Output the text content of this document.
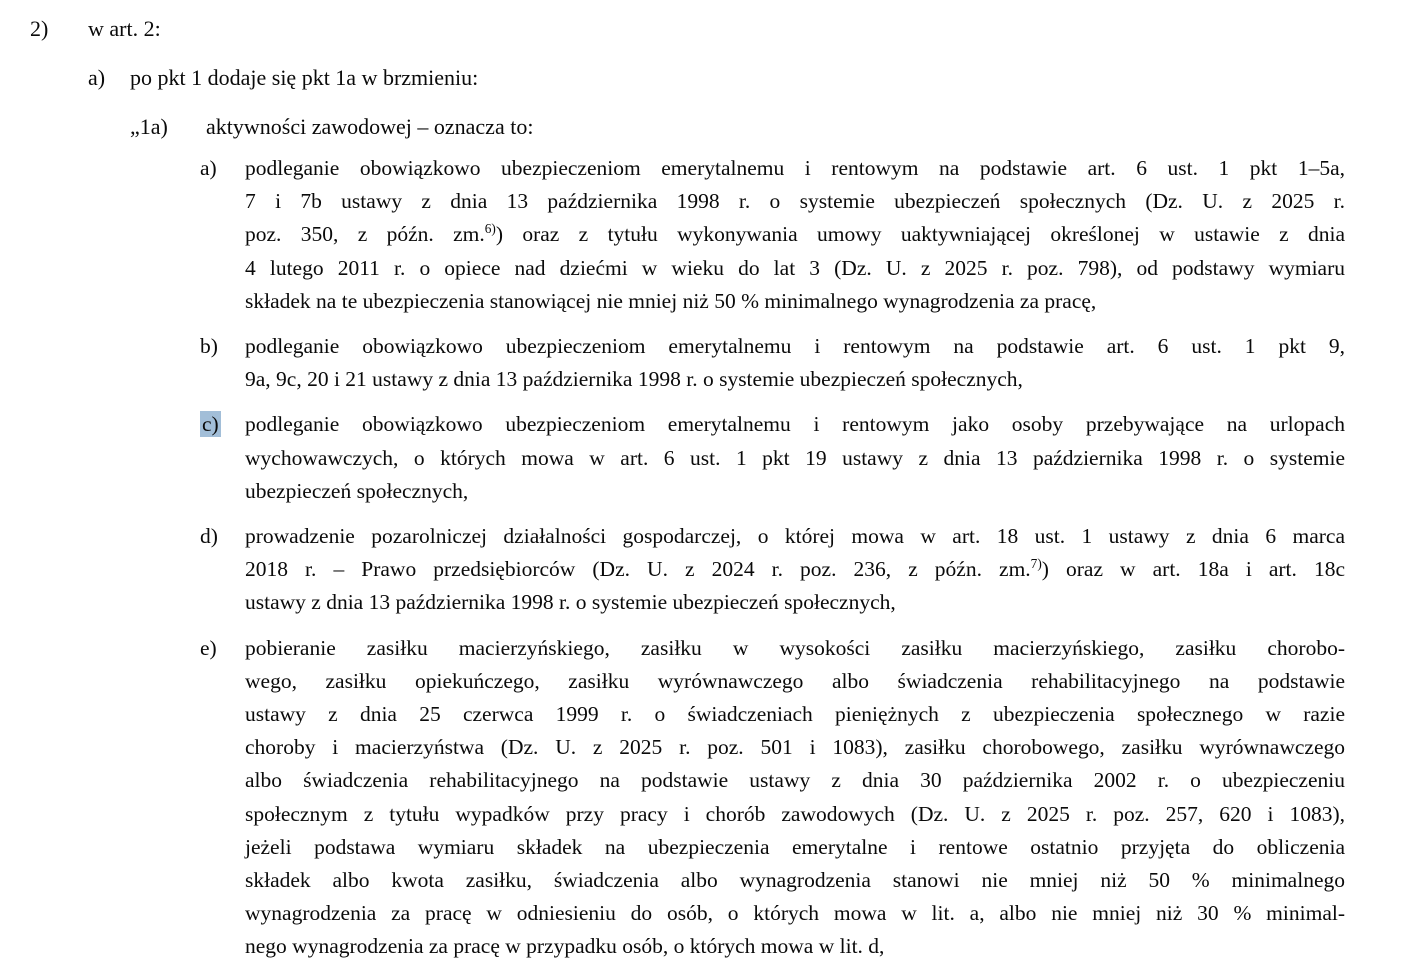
2)	w art. 2:
a)	po pkt 1 dodaje się pkt 1a w brzmieniu:
„1a)	aktywności zawodowej – oznacza to:
a)	podleganie obowiązkowo ubezpieczeniom emerytalnemu i rentowym na podstawie art. 6 ust. 1 pkt 1–5a,
7 i 7b ustawy z dnia 13 października 1998 r. o systemie ubezpieczeń społecznych (Dz. U. z 2025 r.
poz. 350, z późn. zm.$^{6)}$) oraz z tytułu wykonywania umowy uaktywniającej określonej w ustawie z dnia
4 lutego 2011 r. o opiece nad dziećmi w wieku do lat 3 (Dz. U. z 2025 r. poz. 798), od podstawy wymiaru
składek na te ubezpieczenia stanowiącej nie mniej niż 50 % minimalnego wynagrodzenia za pracę,
b)	podleganie obowiązkowo ubezpieczeniom emerytalnemu i rentowym na podstawie art. 6 ust. 1 pkt 9,
9a, 9c, 20 i 21 ustawy z dnia 13 października 1998 r. o systemie ubezpieczeń społecznych,
c)	podleganie obowiązkowo ubezpieczeniom emerytalnemu i rentowym jako osoby przebywające na urlopach
wychowawczych, o których mowa w art. 6 ust. 1 pkt 19 ustawy z dnia 13 października 1998 r. o systemie
ubezpieczeń społecznych,
d)	prowadzenie pozarolniczej działalności gospodarczej, o której mowa w art. 18 ust. 1 ustawy z dnia 6 marca
2018 r. – Prawo przedsiębiorców (Dz. U. z 2024 r. poz. 236, z późn. zm.$^{7)}$) oraz w art. 18a i art. 18c
ustawy z dnia 13 października 1998 r. o systemie ubezpieczeń społecznych,
e)	pobieranie zasiłku macierzyńskiego, zasiłku w wysokości zasiłku macierzyńskiego, zasiłku chorobo-
wego, zasiłku opiekuńczego, zasiłku wyrównawczego albo świadczenia rehabilitacyjnego na podstawie
ustawy z dnia 25 czerwca 1999 r. o świadczeniach pieniężnych z ubezpieczenia społecznego w razie
choroby i macierzyństwa (Dz. U. z 2025 r. poz. 501 i 1083), zasiłku chorobowego, zasiłku wyrównawczego
albo świadczenia rehabilitacyjnego na podstawie ustawy z dnia 30 października 2002 r. o ubezpieczeniu
społecznym z tytułu wypadków przy pracy i chorób zawodowych (Dz. U. z 2025 r. poz. 257, 620 i 1083),
jeżeli podstawa wymiaru składek na ubezpieczenia emerytalne i rentowe ostatnio przyjęta do obliczenia
składek albo kwota zasiłku, świadczenia albo wynagrodzenia stanowi nie mniej niż 50 % minimalnego
wynagrodzenia za pracę w odniesieniu do osób, o których mowa w lit. a, albo nie mniej niż 30 % minimal-
nego wynagrodzenia za pracę w przypadku osób, o których mowa w lit. d,
